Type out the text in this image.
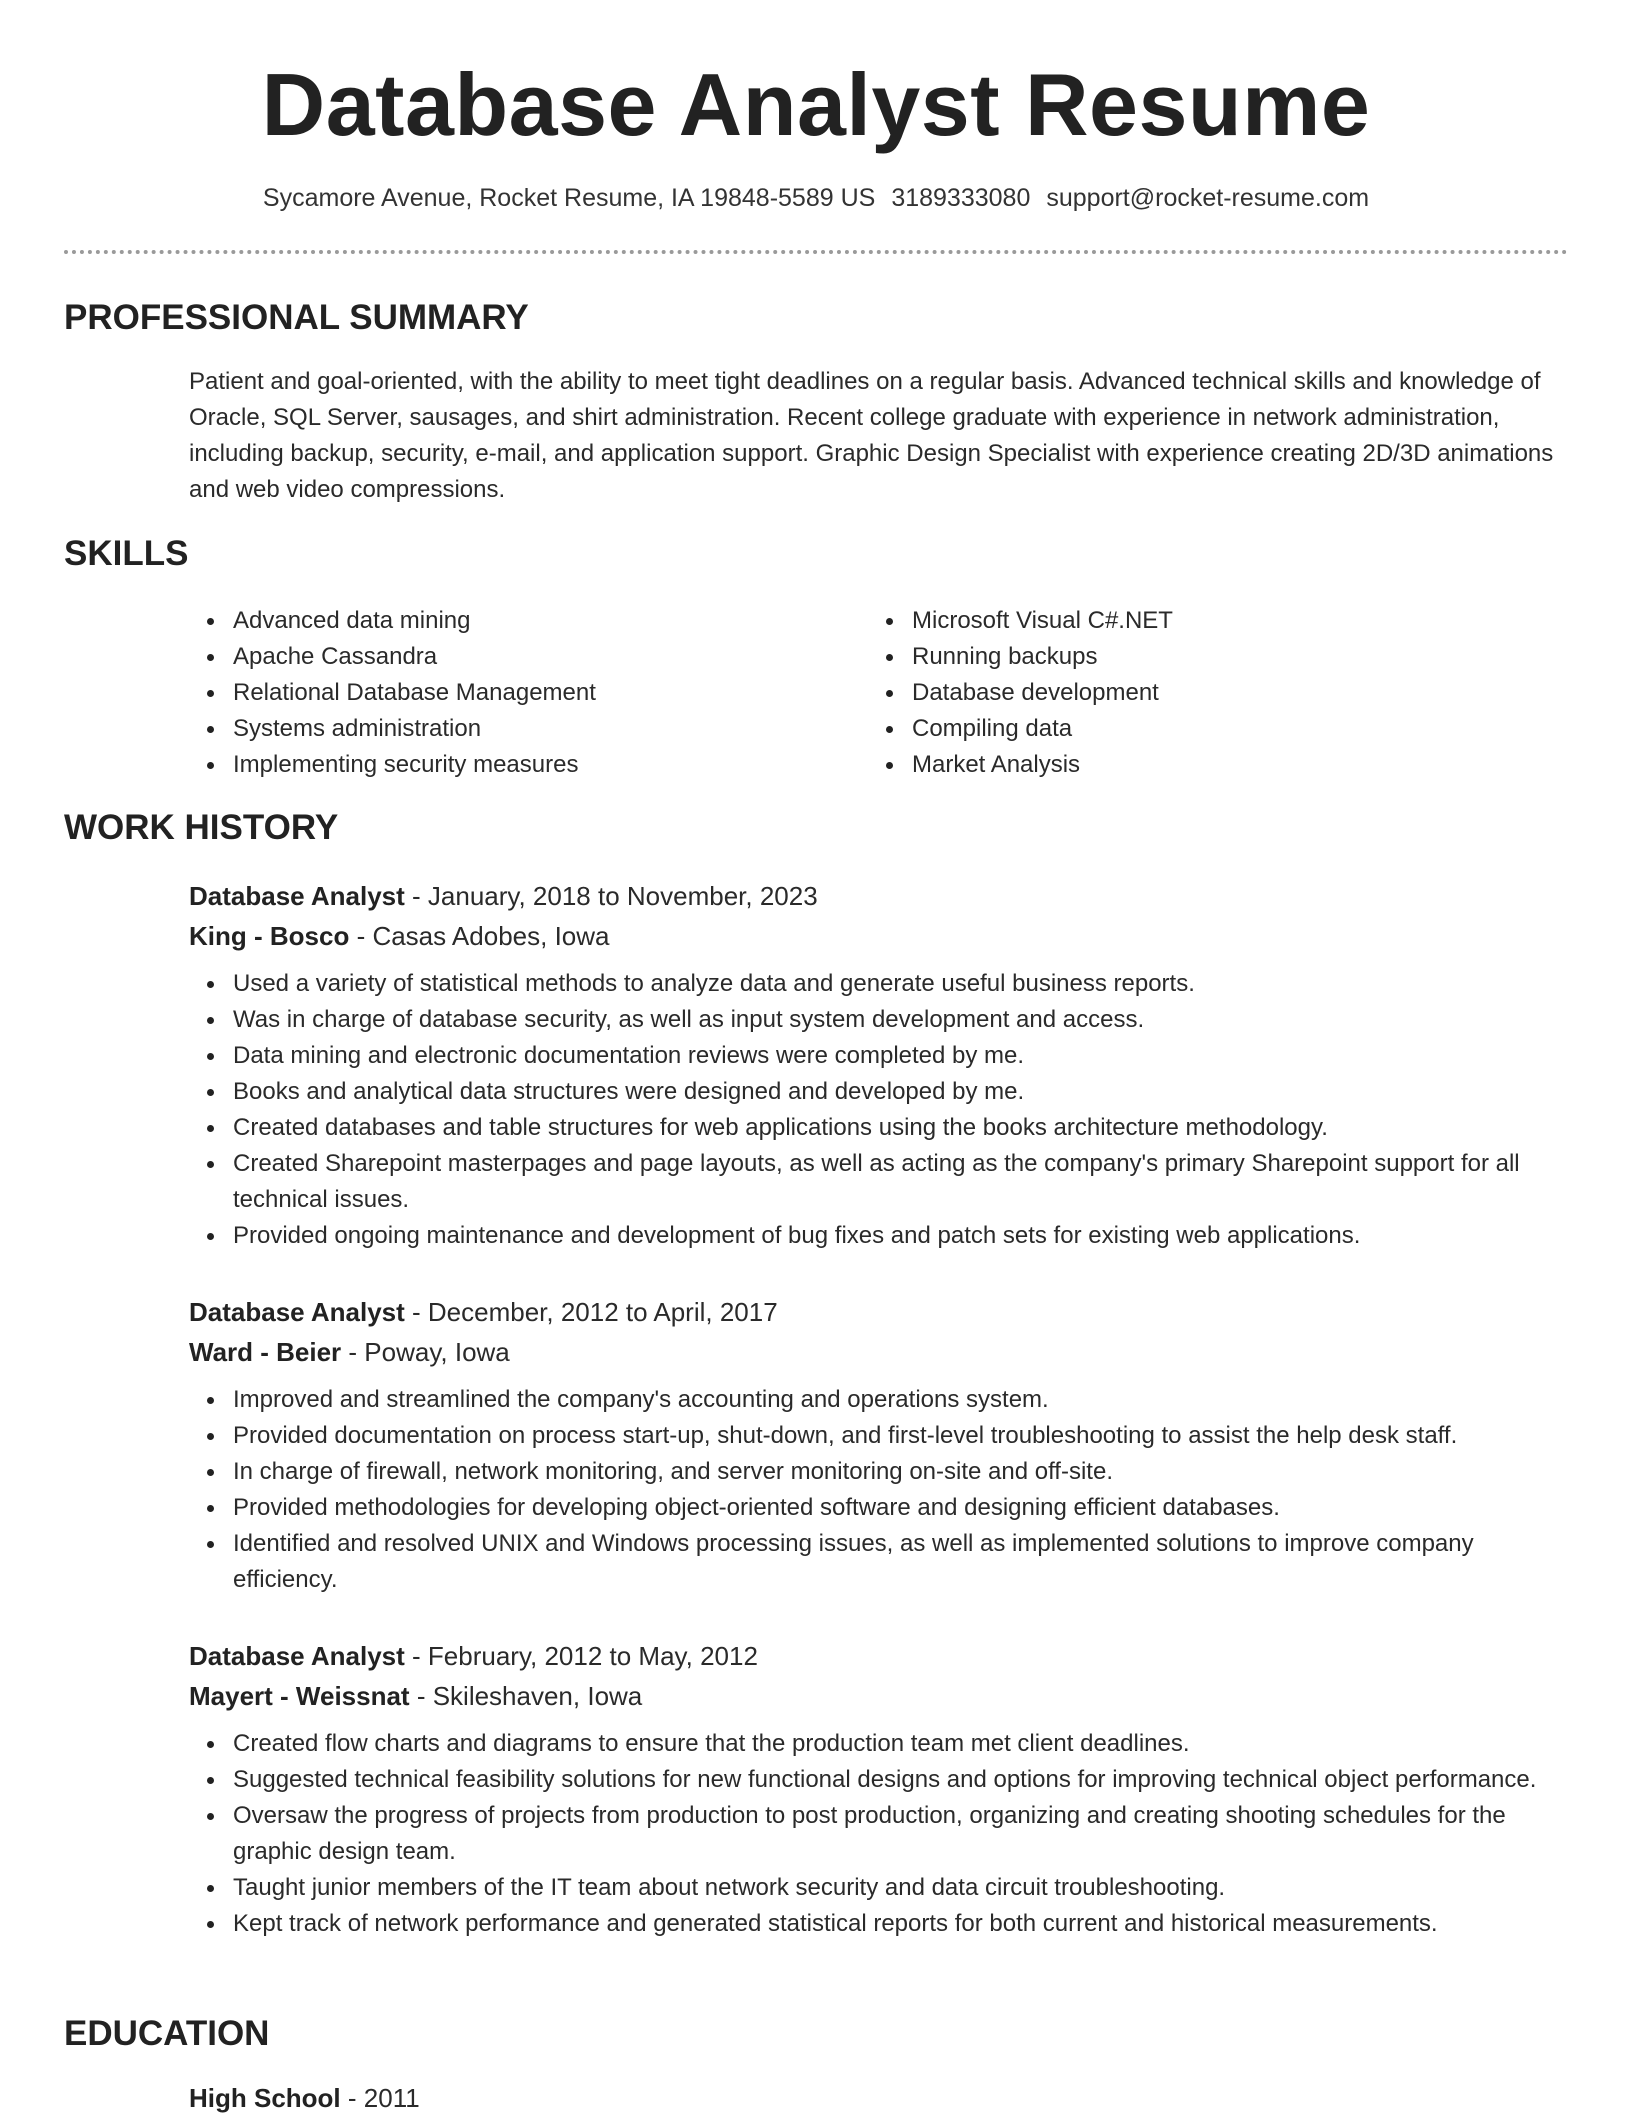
Database Analyst Resume
Sycamore Avenue, Rocket Resume, IA 19848-5589 US 3189333080 support@rocket-resume.com
PROFESSIONAL SUMMARY

Patient and goal-oriented, with the ability to meet tight deadlines on a regular basis. Advanced technical skills and knowledge of Oracle, SQL Server, sausages, and shirt administration. Recent college graduate with experience in network administration, including backup, security, e-mail, and application support. Graphic Design Specialist with experience creating 2D/3D animations and web video compressions.

SKILLS
Advanced data mining
Apache Cassandra
Relational Database Management
Systems administration
Implementing security measures
Microsoft Visual C#.NET
Running backups
Database development
Compiling data
Market Analysis
WORK HISTORY
Database Analyst - January, 2018 to November, 2023
King - Bosco - Casas Adobes, Iowa
Used a variety of statistical methods to analyze data and generate useful business reports.
Was in charge of database security, as well as input system development and access.
Data mining and electronic documentation reviews were completed by me.
Books and analytical data structures were designed and developed by me.
Created databases and table structures for web applications using the books architecture methodology.
Created Sharepoint masterpages and page layouts, as well as acting as the company's primary Sharepoint support for all technical issues.
Provided ongoing maintenance and development of bug fixes and patch sets for existing web applications.
Database Analyst - December, 2012 to April, 2017
Ward - Beier - Poway, Iowa
Improved and streamlined the company's accounting and operations system.
Provided documentation on process start-up, shut-down, and first-level troubleshooting to assist the help desk staff.
In charge of firewall, network monitoring, and server monitoring on-site and off-site.
Provided methodologies for developing object-oriented software and designing efficient databases.
Identified and resolved UNIX and Windows processing issues, as well as implemented solutions to improve company efficiency.
Database Analyst - February, 2012 to May, 2012
Mayert - Weissnat - Skileshaven, Iowa
Created flow charts and diagrams to ensure that the production team met client deadlines.
Suggested technical feasibility solutions for new functional designs and options for improving technical object performance.
Oversaw the progress of projects from production to post production, organizing and creating shooting schedules for the graphic design team.
Taught junior members of the IT team about network security and data circuit troubleshooting.
Kept track of network performance and generated statistical reports for both current and historical measurements.
EDUCATION
High School - 2011
